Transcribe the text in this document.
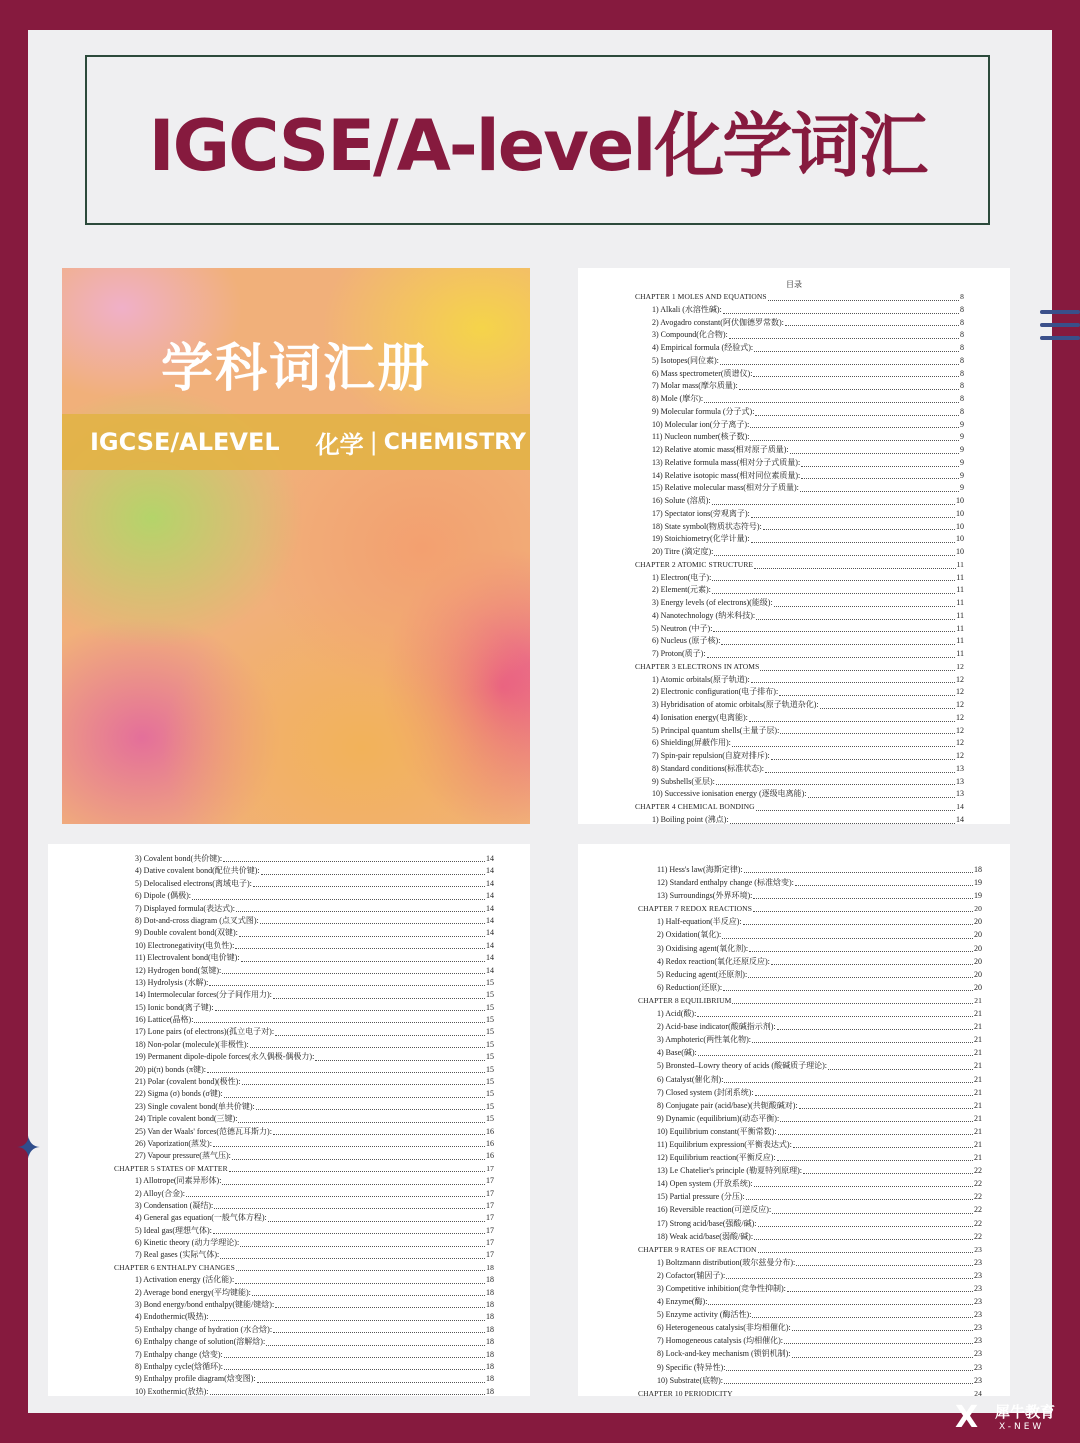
IGCSE/A-level化学词汇
学科词汇册
IGCSE/ALEVEL 化学 | CHEMISTRY
目录
CHAPTER 1 MOLES AND EQUATIONS	8
1) Alkali (水溶性碱):	8
2) Avogadro constant(阿伏伽德罗常数):	8
3) Compound(化合物):	8
4) Empirical formula (经验式):	8
5) Isotopes(同位素):	8
6) Mass spectrometer(质谱仪):	8
7) Molar mass(摩尔质量):	8
8) Mole (摩尔):	8
9) Molecular formula (分子式):	8
10) Molecular ion(分子离子):	9
11) Nucleon number(核子数):	9
12) Relative atomic mass(相对原子质量):	9
13) Relative formula mass(相对分子式质量):	9
14) Relative isotopic mass(相对同位素质量):	9
15) Relative molecular mass(相对分子质量):	9
16) Solute (溶质):	10
17) Spectator ions(旁观离子):	10
18) State symbol(物质状态符号):	10
19) Stoichiometry(化学计量):	10
20) Titre (滴定度):	10
CHAPTER 2 ATOMIC STRUCTURE	11
1) Electron(电子):	11
2) Element(元素):	11
3) Energy levels (of electrons)(能级):	11
4) Nanotechnology (纳米科技):	11
5) Neutron (中子):	11
6) Nucleus (原子核):	11
7) Proton(质子):	11
CHAPTER 3 ELECTRONS IN ATOMS	12
1) Atomic orbitals(原子轨道):	12
2) Electronic configuration(电子排布):	12
3) Hybridisation of atomic orbitals(原子轨道杂化):	12
4) Ionisation energy(电离能):	12
5) Principal quantum shells(主量子层):	12
6) Shielding(屏蔽作用):	12
7) Spin-pair repulsion(自旋对排斥):	12
8) Standard conditions(标准状态):	13
9) Subshells(亚层):	13
10) Successive ionisation energy (逐级电离能):	13
CHAPTER 4 CHEMICAL BONDING	14
1) Boiling point (沸点):	14
3) Covalent bond(共价键):	14
4) Dative covalent bond(配位共价键):	14
5) Delocalised electrons(离域电子):	14
6) Dipole (偶极):	14
7) Displayed formula(表达式):	14
8) Dot-and-cross diagram (点叉式图):	14
9) Double covalent bond(双键):	14
10) Electronegativity(电负性):	14
11) Electrovalent bond(电价键):	14
12) Hydrogen bond(氢键):	14
13) Hydrolysis (水解):	15
14) Intermolecular forces(分子间作用力):	15
15) Ionic bond(离子键):	15
16) Lattice(晶格):	15
17) Lone pairs (of electrons)(孤立电子对):	15
18) Non-polar (molecule)(非极性):	15
19) Permanent dipole-dipole forces(永久偶极-偶极力):	15
20) pi(π) bonds (π键):	15
21) Polar (covalent bond)(极性):	15
22) Sigma (σ) bonds (σ键):	15
23) Single covalent bond(单共价键):	15
24) Triple covalent bond(三键):	15
25) Van der Waals' forces(范德瓦耳斯力):	16
26) Vaporization(蒸发):	16
27) Vapour pressure(蒸气压):	16
CHAPTER 5 STATES OF MATTER	17
1) Allotrope(同素异形体):	17
2) Alloy(合金):	17
3) Condensation (凝结):	17
4) General gas equation(一般气体方程):	17
5) Ideal gas(理想气体):	17
6) Kinetic theory (动力学理论):	17
7) Real gases (实际气体):	17
CHAPTER 6 ENTHALPY CHANGES	18
1) Activation energy (活化能):	18
2) Average bond energy(平均键能):	18
3) Bond energy/bond enthalpy(键能/键焓):	18
4) Endothermic(吸热):	18
5) Enthalpy change of hydration (水合焓):	18
6) Enthalpy change of solution(溶解焓):	18
7) Enthalpy change (焓变):	18
8) Enthalpy cycle(焓循环):	18
9) Enthalpy profile diagram(焓变图):	18
10) Exothermic(放热):	18
11) Hess's law(海斯定律):	18
12) Standard enthalpy change (标准焓变):	19
13) Surroundings(外界环境):	19
CHAPTER 7 REDOX REACTIONS	20
1) Half-equation(半反应):	20
2) Oxidation(氧化):	20
3) Oxidising agent(氧化剂):	20
4) Redox reaction(氧化还原反应):	20
5) Reducing agent(还原剂):	20
6) Reduction(还原):	20
CHAPTER 8 EQUILIBRIUM	21
1) Acid(酸):	21
2) Acid-base indicator(酸碱指示剂):	21
3) Amphoteric(两性氧化物):	21
4) Base(碱):	21
5) Bronsted–Lowry theory of acids (酸碱质子理论):	21
6) Catalyst(催化剂):	21
7) Closed system (封闭系统):	21
8) Conjugate pair (acid/base)(共轭酸碱对):	21
9) Dynamic (equilibrium)(动态平衡):	21
10) Equilibrium constant(平衡常数):	21
11) Equilibrium expression(平衡表达式):	21
12) Equilibrium reaction(平衡反应):	21
13) Le Chatelier's principle (勒夏特列原理):	22
14) Open system (开放系统):	22
15) Partial pressure (分压):	22
16) Reversible reaction(可逆反应):	22
17) Strong acid/base(强酸/碱):	22
18) Weak acid/base(弱酸/碱):	22
CHAPTER 9 RATES OF REACTION	23
1) Boltzmann distribution(玻尔兹曼分布):	23
2) Cofactor(辅因子):	23
3) Competitive inhibition(竞争性抑制):	23
4) Enzyme(酶):	23
5) Enzyme activity (酶活性):	23
6) Heterogeneous catalysis(非均相催化):	23
7) Homogeneous catalysis (均相催化):	23
8) Lock-and-key mechanism (锁钥机制):	23
9) Specific (特异性):	23
10) Substrate(底物):	23
CHAPTER 10 PERIODICITY	24
✦
X 犀牛教育
X-NEW
